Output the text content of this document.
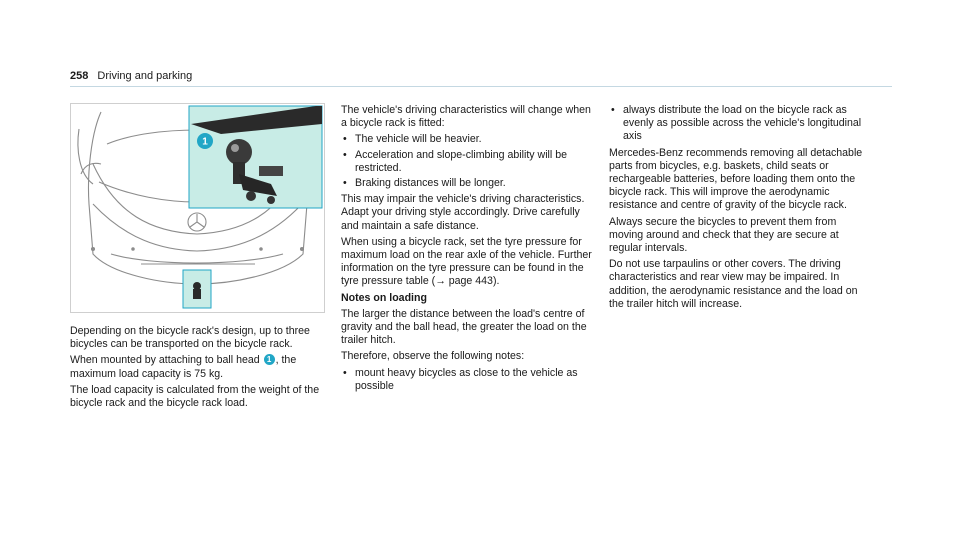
258 Driving and parking
1

Depending on the bicycle rack's design, up to three bicycles can be transported on the bicycle rack.

When mounted by attaching to ball head 1 , the maximum load capacity is 75 kg.

The load capacity is calculated from the weight of the bicycle rack and the bicycle rack load.

The vehicle's driving characteristics will change when a bicycle rack is fitted:

• The vehicle will be heavier.
• Acceleration and slope-climbing ability will be restricted.
• Braking distances will be longer.

This may impair the vehicle's driving characteristics. Adapt your driving style accordingly. Drive carefully and maintain a safe distance.

When using a bicycle rack, set the tyre pressure for maximum load on the rear axle of the vehicle. Further information on the tyre pressure can be found in the tyre pressure table (→ page 443).

Notes on loading

The larger the distance between the load's centre of gravity and the ball head, the greater the load on the trailer hitch.

Therefore, observe the following notes:

• mount heavy bicycles as close to the vehicle as possible
• always distribute the load on the bicycle rack as evenly as possible across the vehicle's longitudinal axis

Mercedes-Benz recommends removing all detachable parts from bicycles, e.g. baskets, child seats or rechargeable batteries, before loading them onto the bicycle rack. This will improve the aerodynamic resistance and centre of gravity of the bicycle rack.

Always secure the bicycles to prevent them from moving around and check that they are secure at regular intervals.

Do not use tarpaulins or other covers. The driving characteristics and rear view may be impaired. In addition, the aerodynamic resistance and the load on the trailer hitch will increase.
